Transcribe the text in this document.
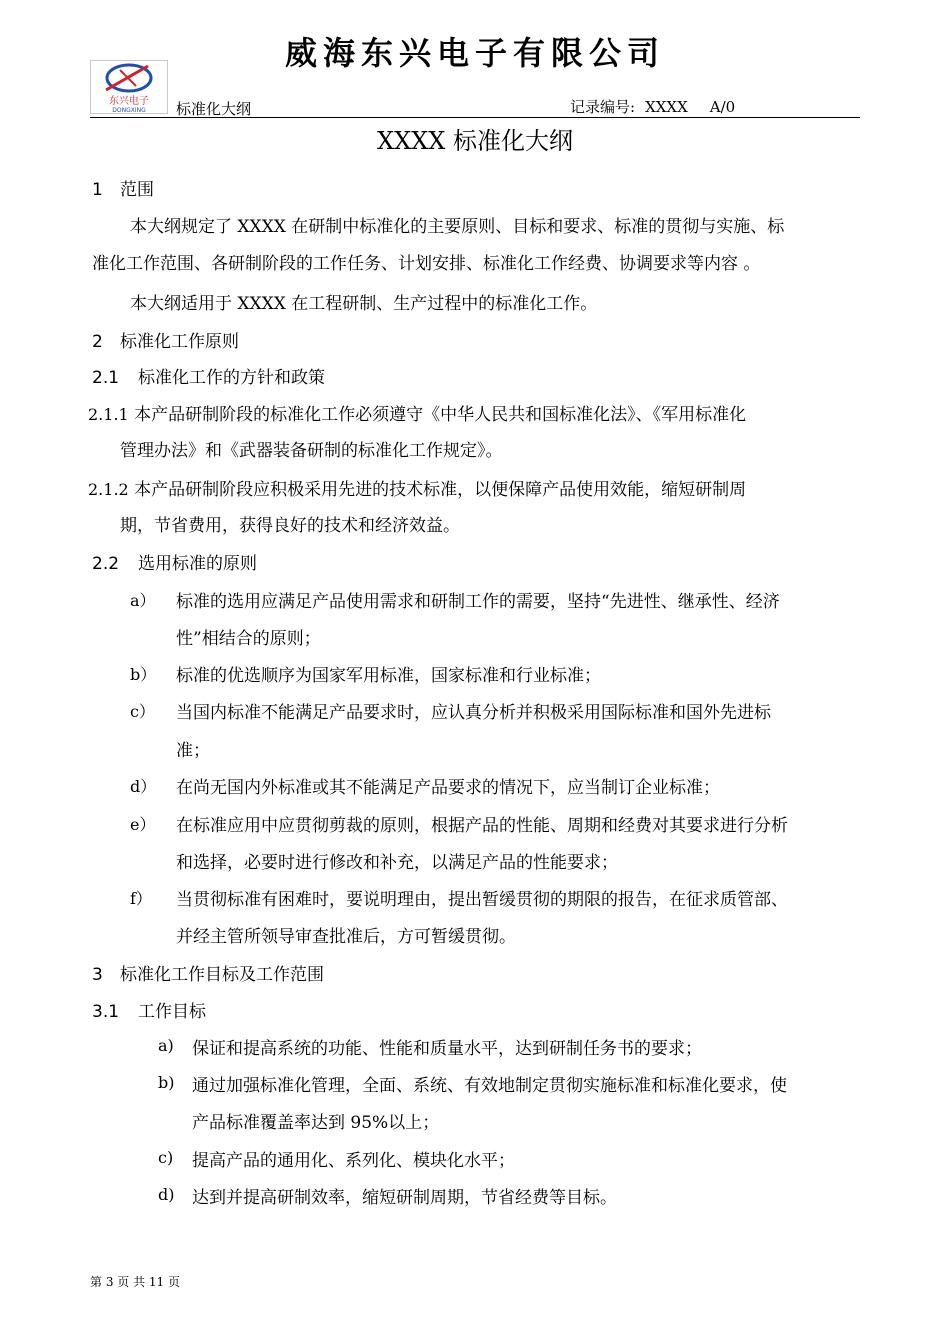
威海东兴电子有限公司
东兴电子
DONGXING 标准化大纲	记录编号: XXXX A/0
XXXX 标准化大纲
1 范围
本大纲规定了 XXXX 在研制中标准化的主要原则、目标和要求、标准的贯彻与实施、标
准化工作范围、各研制阶段的工作任务、计划安排、标准化工作经费、协调要求等内容 。
本大纲适用于 XXXX 在工程研制、生产过程中的标准化工作。
2 标准化工作原则
2.1 标准化工作的方针和政策
2.1.1 本产品研制阶段的标准化工作必须遵守《中华人民共和国标准化法》、《军用标准化
管理办法》和《武器装备研制的标准化工作规定》。
2.1.2 本产品研制阶段应积极采用先进的技术标准，以便保障产品使用效能，缩短研制周
期，节省费用，获得良好的技术和经济效益。
2.2 选用标准的原则
a） 标准的选用应满足产品使用需求和研制工作的需要，坚持“先进性、继承性、经济
性”相结合的原则；
b） 标准的优选顺序为国家军用标准，国家标准和行业标准；
c） 当国内标准不能满足产品要求时，应认真分析并积极采用国际标准和国外先进标
准；
d） 在尚无国内外标准或其不能满足产品要求的情况下，应当制订企业标准；
e） 在标准应用中应贯彻剪裁的原则，根据产品的性能、周期和经费对其要求进行分析
和选择，必要时进行修改和补充，以满足产品的性能要求；
f） 当贯彻标准有困难时，要说明理由，提出暂缓贯彻的期限的报告，在征求质管部、
并经主管所领导审查批准后，方可暂缓贯彻。
3 标准化工作目标及工作范围
3.1 工作目标
a) 保证和提高系统的功能、性能和质量水平，达到研制任务书的要求；
b) 通过加强标准化管理，全面、系统、有效地制定贯彻实施标准和标准化要求，使
产品标准覆盖率达到 95%以上；
c) 提高产品的通用化、系列化、模块化水平；
d) 达到并提高研制效率，缩短研制周期，节省经费等目标。
第 3 页 共 11 页
